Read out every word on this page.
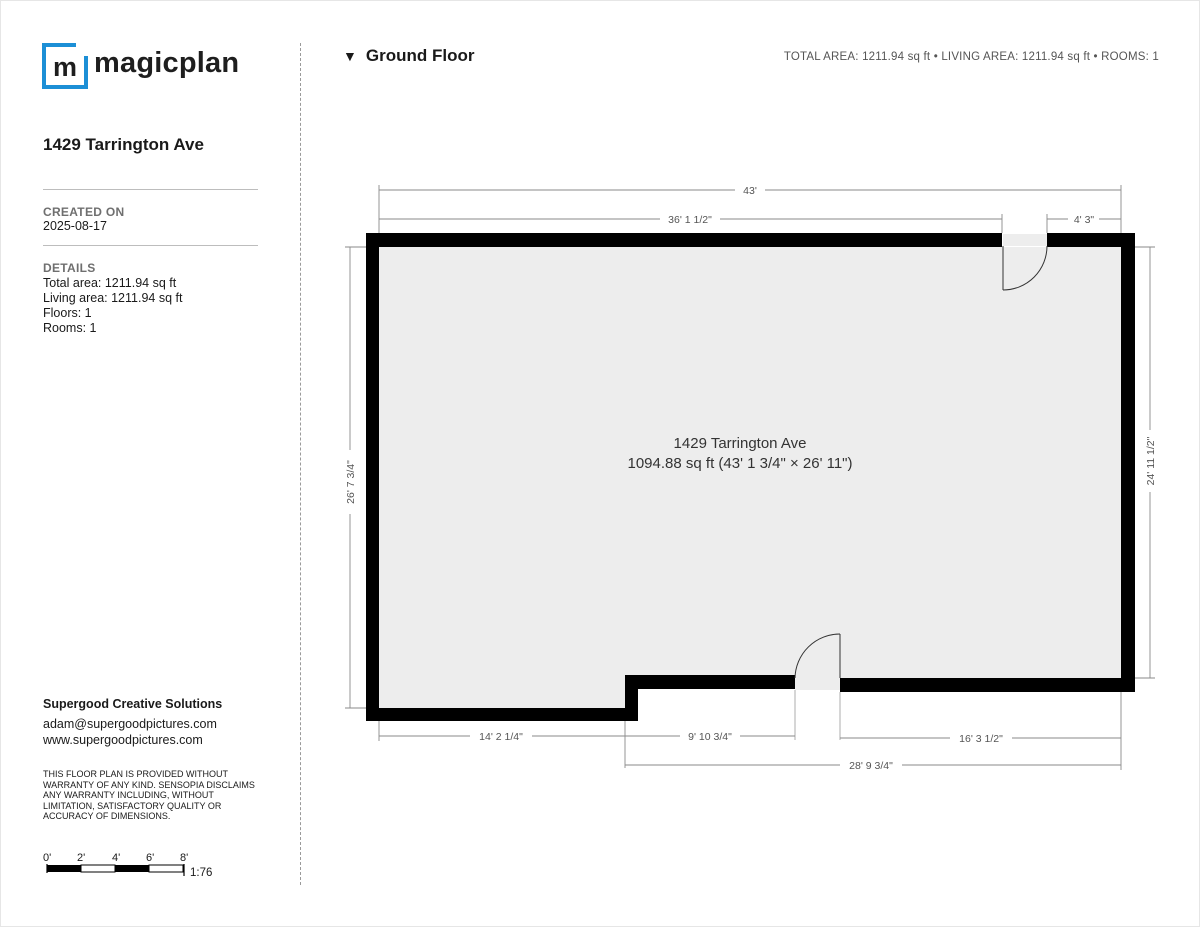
m magicplan
1429 Tarrington Ave
CREATED ON
2025-08-17
DETAILS
Total area: 1211.94 sq ft
Living area: 1211.94 sq ft
Floors: 1
Rooms: 1
Supergood Creative Solutions
adam@supergoodpictures.com
www.supergoodpictures.com
THIS FLOOR PLAN IS PROVIDED WITHOUT WARRANTY OF ANY KIND. SENSOPIA DISCLAIMS ANY WARRANTY INCLUDING, WITHOUT LIMITATION, SATISFACTORY QUALITY OR ACCURACY OF DIMENSIONS.
0' 2' 4' 6' 8'
1:76
▼ Ground Floor	TOTAL AREA: 1211.94 sq ft • LIVING AREA: 1211.94 sq ft • ROOMS: 1
1429 Tarrington Ave
1094.88 sq ft (43' 1 3/4" × 26' 11")
43'
36' 1 1/2"	4' 3"
26' 7 3/4"	24' 11 1/2"
14' 2 1/4"	9' 10 3/4"	16' 3 1/2"
28' 9 3/4"
